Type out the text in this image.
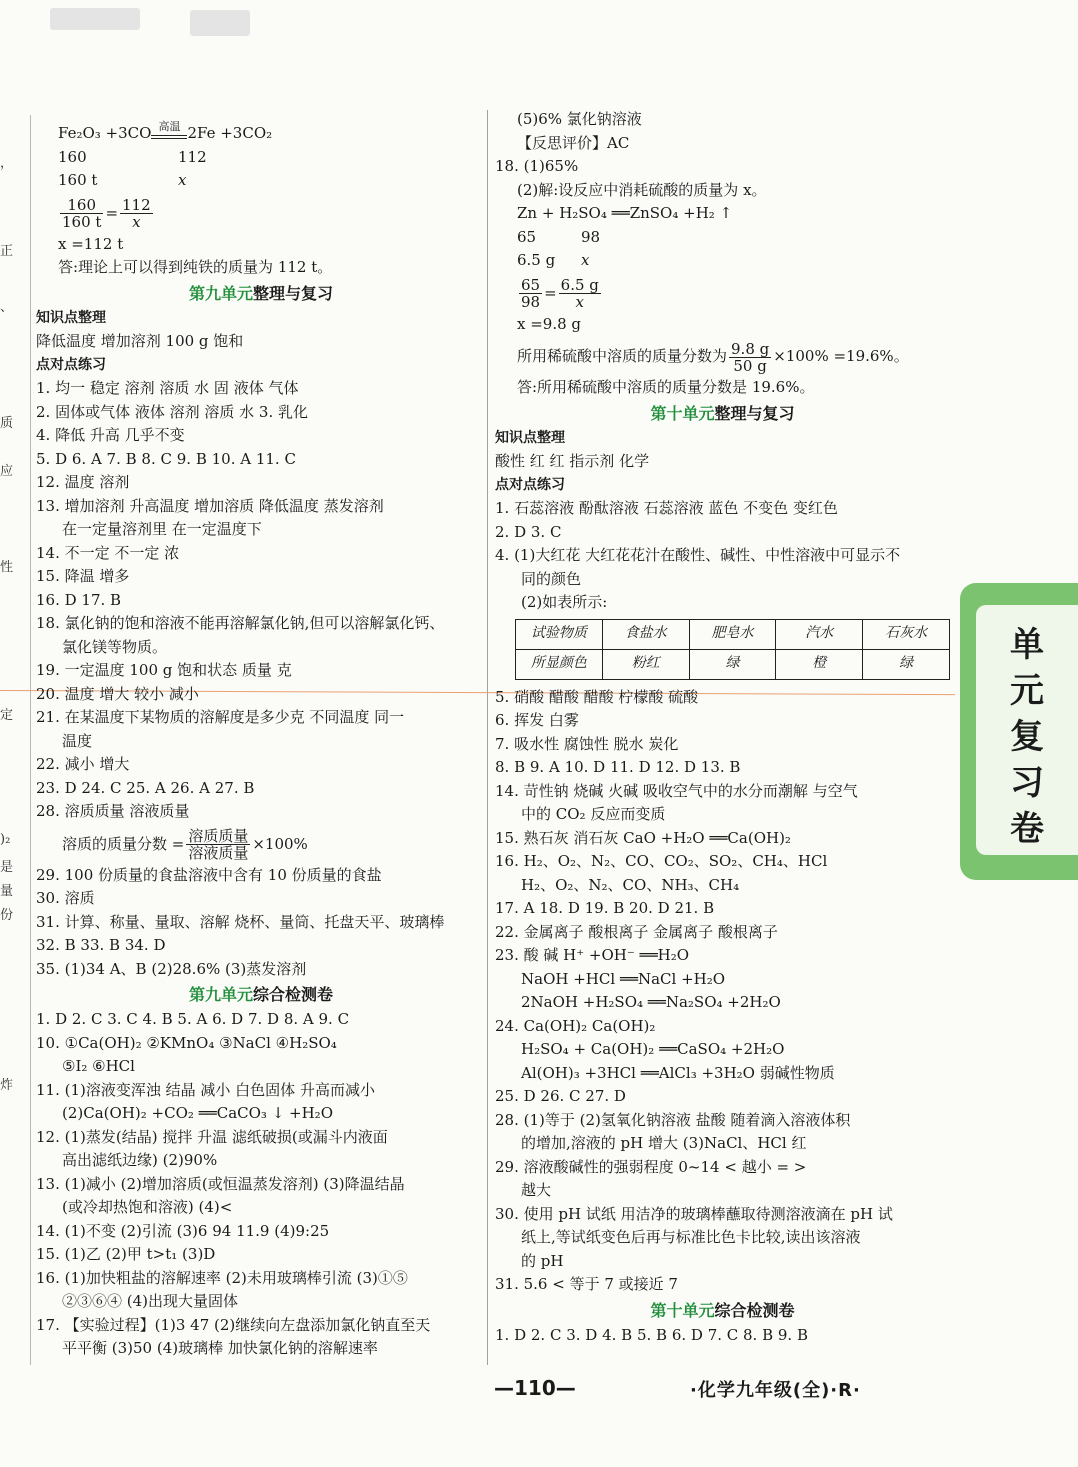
，
正
、
质
应
性
定
)₂
是
量
份
炸
Fe₂O₃ +3CO 高温 2Fe +3CO₂
160	112
160 t	x
$\frac{160}{160 t} = \frac{112}{x}$
x =112 t
答:理论上可以得到纯铁的质量为 112 t。
第九单元整理与复习
知识点整理
降低温度 增加溶剂 100 g 饱和
点对点练习
1. 均一 稳定 溶剂 溶质 水 固 液体 气体
2. 固体或气体 液体 溶剂 溶质 水 3. 乳化
4. 降低 升高 几乎不变
5. D 6. A 7. B 8. C 9. B 10. A 11. C
12. 温度 溶剂
13. 增加溶剂 升高温度 增加溶质 降低温度 蒸发溶剂
在一定量溶剂里 在一定温度下
14. 不一定 不一定 浓
15. 降温 增多
16. D 17. B
18. 氯化钠的饱和溶液不能再溶解氯化钠,但可以溶解氯化钙、
氯化镁等物质。
19. 一定温度 100 g 饱和状态 质量 克
20. 温度 增大 较小 减小
21. 在某温度下某物质的溶解度是多少克 不同温度 同一
温度
22. 减小 增大
23. D 24. C 25. A 26. A 27. B
28. 溶质质量 溶液质量
溶质的质量分数 = $\frac{\text{溶质质量}}{\text{溶液质量}} \times 100\%$
29. 100 份质量的食盐溶液中含有 10 份质量的食盐
30. 溶质
31. 计算、称量、量取、溶解 烧杯、量筒、托盘天平、玻璃棒
32. B 33. B 34. D
35. (1)34 A、B (2)28.6% (3)蒸发溶剂
第九单元综合检测卷
1. D 2. C 3. C 4. B 5. A 6. D 7. D 8. A 9. C
10. ①Ca(OH)₂ ②KMnO₄ ③NaCl ④H₂SO₄
⑤I₂ ⑥HCl
11. (1)溶液变浑浊 结晶 减小 白色固体 升高而减小
(2)Ca(OH)₂ +CO₂ ══CaCO₃ ↓ +H₂O
12. (1)蒸发(结晶) 搅拌 升温 滤纸破损(或漏斗内液面
高出滤纸边缘) (2)90%
13. (1)减小 (2)增加溶质(或恒温蒸发溶剂) (3)降温结晶
(或冷却热饱和溶液) (4)<
14. (1)不变 (2)引流 (3)6 94 11.9 (4)9:25
15. (1)乙 (2)甲 t>t₁ (3)D
16. (1)加快粗盐的溶解速率 (2)未用玻璃棒引流 (3)①⑤
②③⑥④ (4)出现大量固体
17. 【实验过程】(1)3 47 (2)继续向左盘添加氯化钠直至天
平平衡 (3)50 (4)玻璃棒 加快氯化钠的溶解速率
(5)6% 氯化钠溶液
【反思评价】AC
18. (1)65%
(2)解:设反应中消耗硫酸的质量为 x。
Zn + H₂SO₄ ══ZnSO₄ +H₂ ↑
65	98
6.5 g x
$\frac{65}{98} = \frac{6.5 g}{x}$
x =9.8 g
所用稀硫酸中溶质的质量分数为 $\frac{9.8 g}{50 g} \times 100\% =19.6\%$。
答:所用稀硫酸中溶质的质量分数是 19.6%。
第十单元整理与复习
知识点整理
酸性 红 红 指示剂 化学
点对点练习
1. 石蕊溶液 酚酞溶液 石蕊溶液 蓝色 不变色 变红色
2. D 3. C
4. (1)大红花 大红花花汁在酸性、碱性、中性溶液中可显示不
同的颜色
(2)如表所示:
试验物质	食盐水	肥皂水	汽水	石灰水
所显颜色	粉红	绿	橙	绿
5. 硝酸 醋酸 醋酸 柠檬酸 硫酸
6. 挥发 白雾
7. 吸水性 腐蚀性 脱水 炭化
8. B 9. A 10. D 11. D 12. D 13. B
14. 苛性钠 烧碱 火碱 吸收空气中的水分而潮解 与空气
中的 CO₂ 反应而变质
15. 熟石灰 消石灰 CaO +H₂O ══Ca(OH)₂
16. H₂、O₂、N₂、CO、CO₂、SO₂、CH₄、HCl
H₂、O₂、N₂、CO、NH₃、CH₄
17. A 18. D 19. B 20. D 21. B
22. 金属离子 酸根离子 金属离子 酸根离子
23. 酸 碱 H⁺ +OH⁻ ══H₂O
NaOH +HCl ══NaCl +H₂O
2NaOH +H₂SO₄ ══Na₂SO₄ +2H₂O
24. Ca(OH)₂ Ca(OH)₂
H₂SO₄ + Ca(OH)₂ ══CaSO₄ +2H₂O
Al(OH)₃ +3HCl ══AlCl₃ +3H₂O 弱碱性物质
25. D 26. C 27. D
28. (1)等于 (2)氢氧化钠溶液 盐酸 随着滴入溶液体积
的增加,溶液的 pH 增大 (3)NaCl、HCl 红
29. 溶液酸碱性的强弱程度 0~14 < 越小 = >
越大
30. 使用 pH 试纸 用洁净的玻璃棒蘸取待测溶液滴在 pH 试
纸上,等试纸变色后再与标准比色卡比较,读出该溶液
的 pH
31. 5.6 < 等于 7 或接近 7
第十单元综合检测卷
1. D 2. C 3. D 4. B 5. B 6. D 7. C 8. B 9. B
单
元
复
习
卷
—110—	·化学九年级(全)·R·
